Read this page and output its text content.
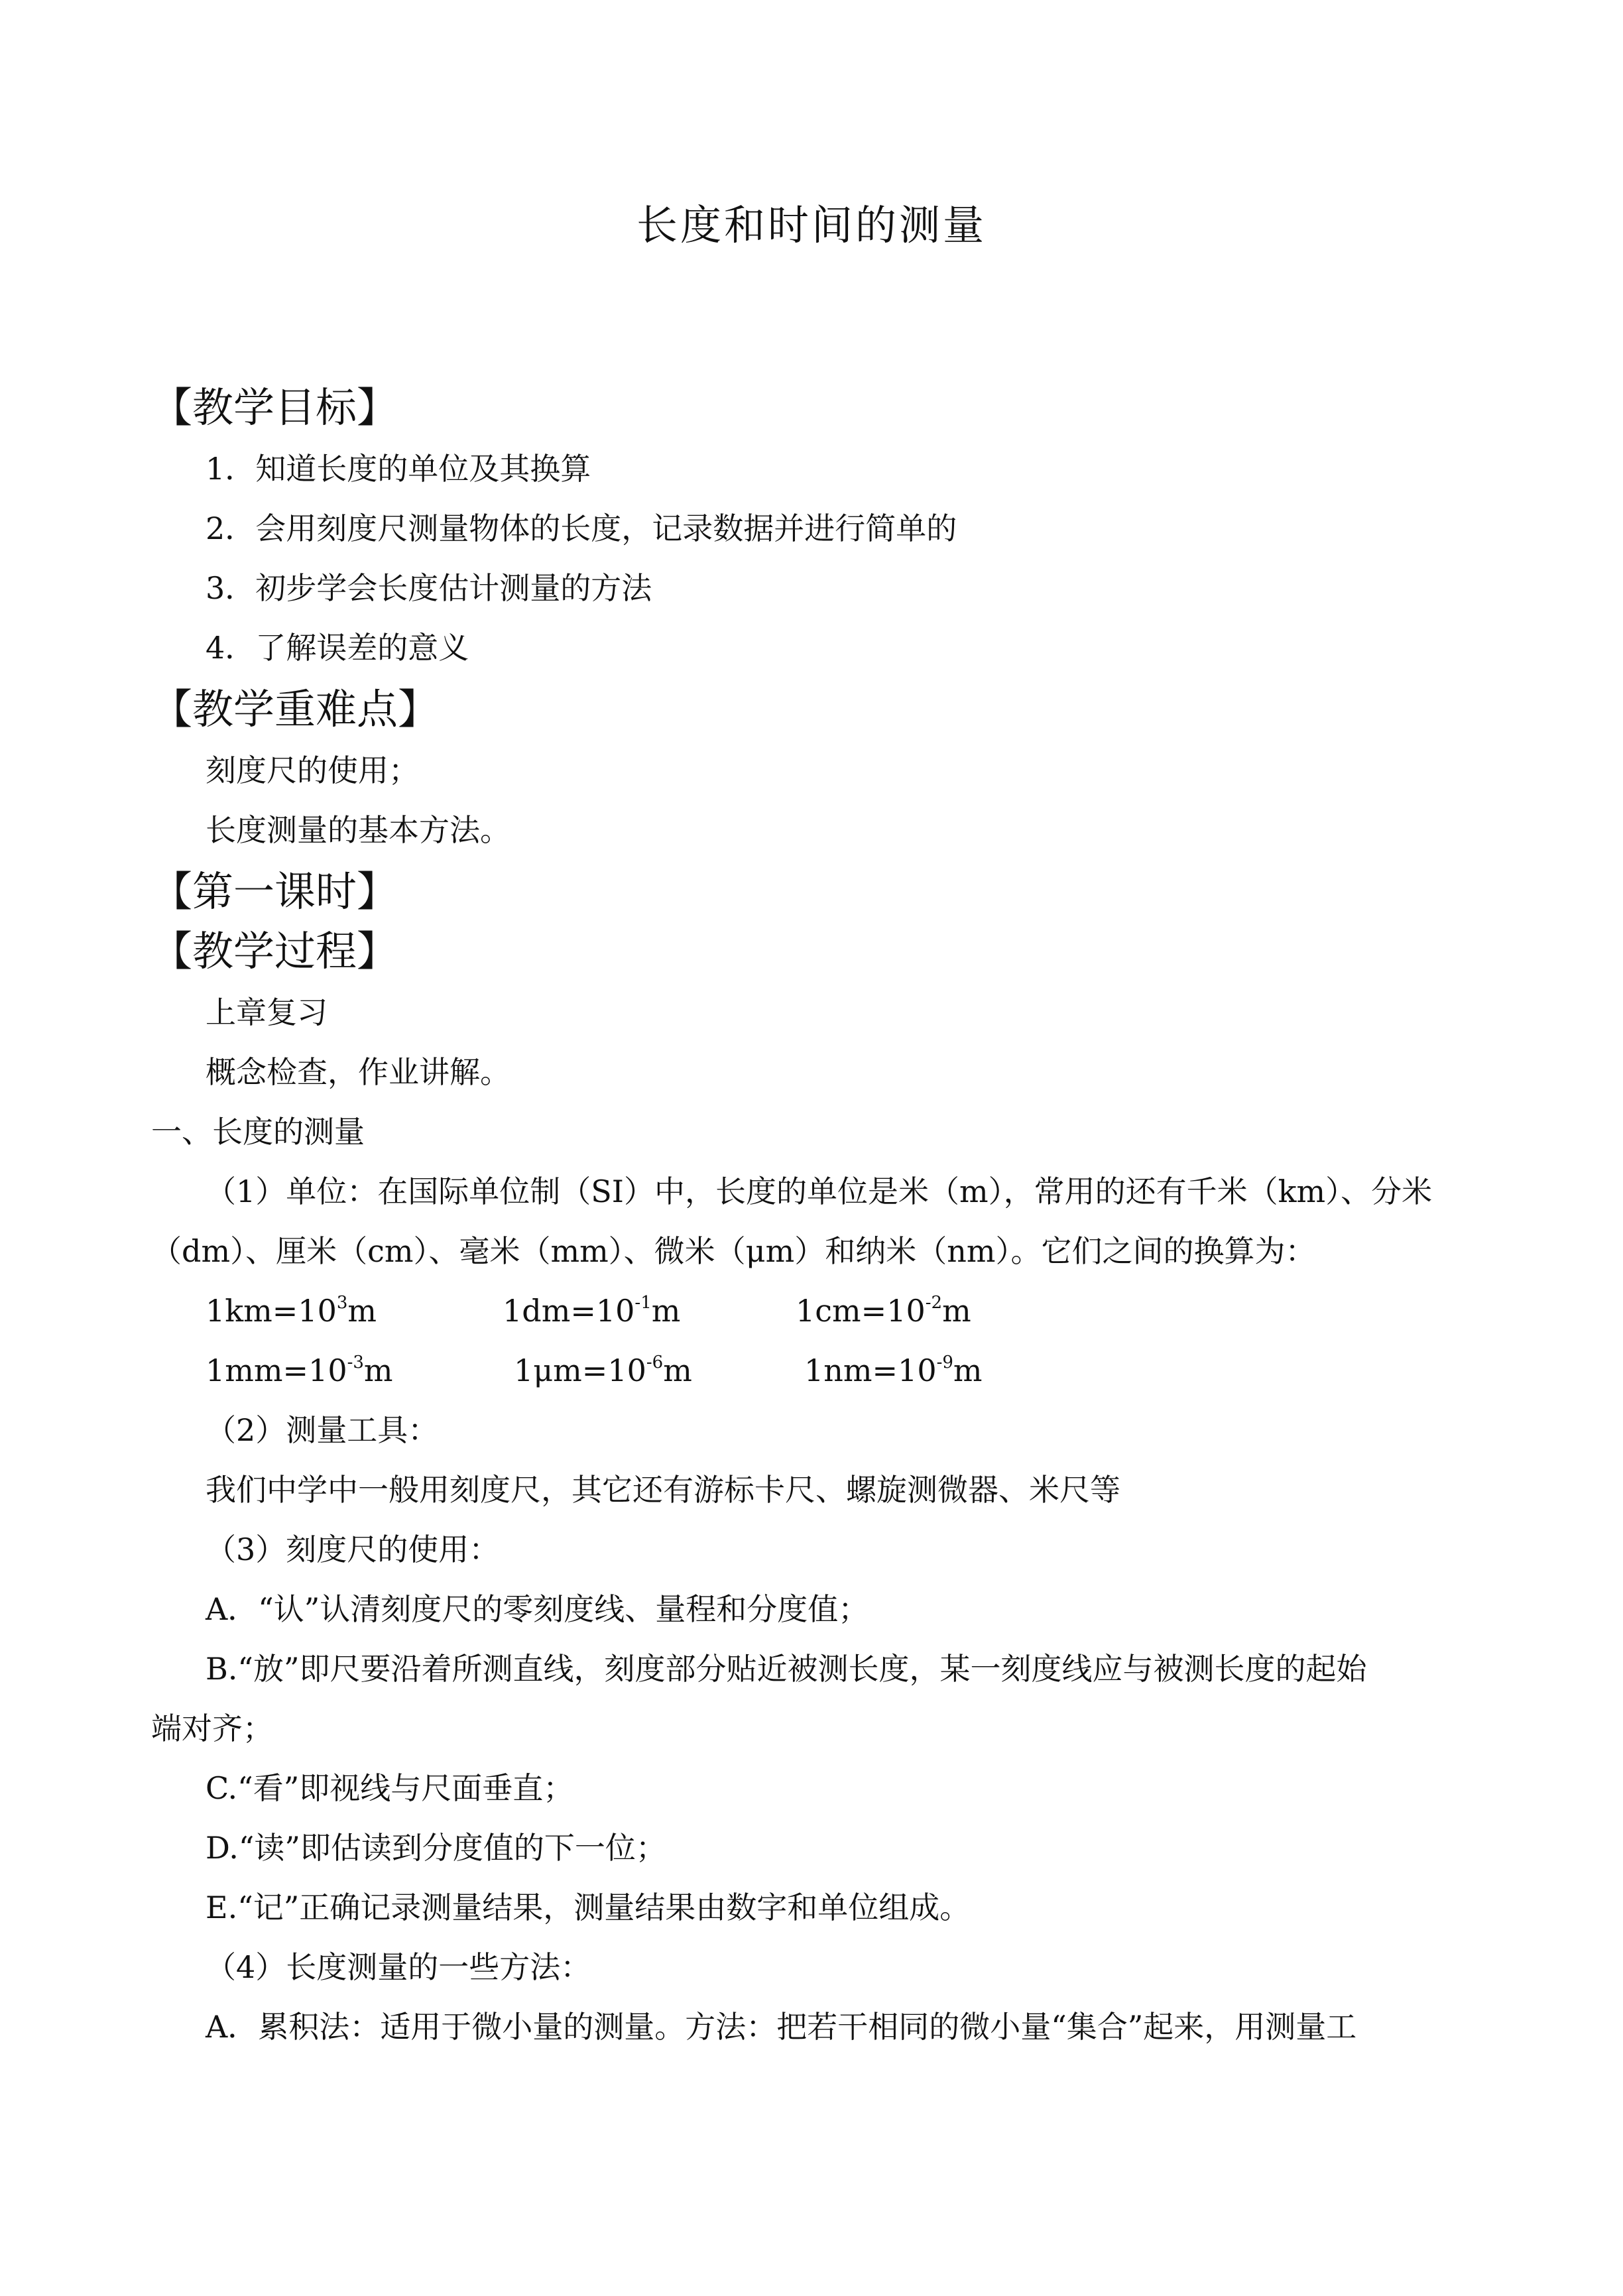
长度和时间的测量
【教学目标】
1．知道长度的单位及其换算
2．会用刻度尺测量物体的长度，记录数据并进行简单的
3．初步学会长度估计测量的方法
4．了解误差的意义
【教学重难点】
刻度尺的使用；
长度测量的基本方法。
【第一课时】
【教学过程】
上章复习
概念检查，作业讲解。
一、长度的测量
（1）单位：在国际单位制（SI）中，长度的单位是米（m），常用的还有千米（km）、分米
（dm）、厘米（cm）、毫米（mm）、微米（μm）和纳米（nm）。它们之间的换算为：
$1km=10^3m$	$1dm=10^{-1}m$	$1cm=10^{-2}m$
$1mm=10^{-3}m$	$1\mu m=10^{-6}m$	$1nm=10^{-9}m$
（2）测量工具：
我们中学中一般用刻度尺，其它还有游标卡尺、螺旋测微器、米尺等
（3）刻度尺的使用：
A．“认”认清刻度尺的零刻度线、量程和分度值；
B.“放”即尺要沿着所测直线，刻度部分贴近被测长度，某一刻度线应与被测长度的起始
端对齐；
C.“看”即视线与尺面垂直；
D.“读”即估读到分度值的下一位；
E.“记”正确记录测量结果，测量结果由数字和单位组成。
（4）长度测量的一些方法：
A．累积法：适用于微小量的测量。方法：把若干相同的微小量“集合”起来，用测量工
